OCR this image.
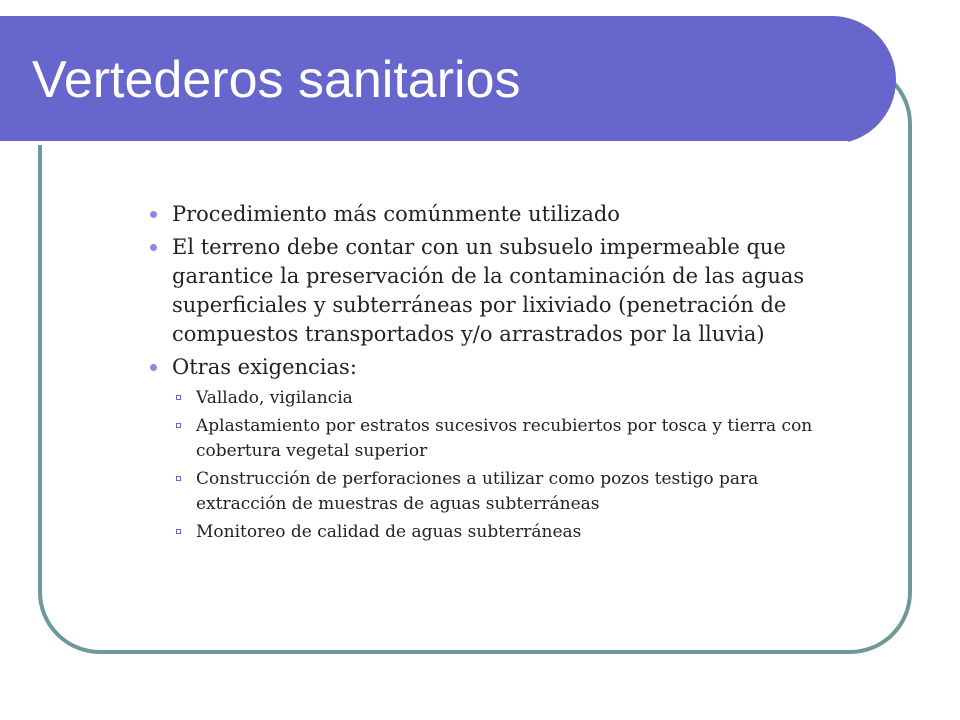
Vertederos sanitarios
Procedimiento más comúnmente utilizado
El terreno debe contar con un subsuelo impermeable que garantice la preservación de la contaminación de las aguas superficiales y subterráneas por lixiviado (penetración de compuestos transportados y/o arrastrados por la lluvia)
Otras exigencias:
Vallado, vigilancia
Aplastamiento por estratos sucesivos recubiertos por tosca y tierra con cobertura vegetal superior
Construcción de perforaciones a utilizar como pozos testigo para extracción de muestras de aguas subterráneas
Monitoreo de calidad de aguas subterráneas
